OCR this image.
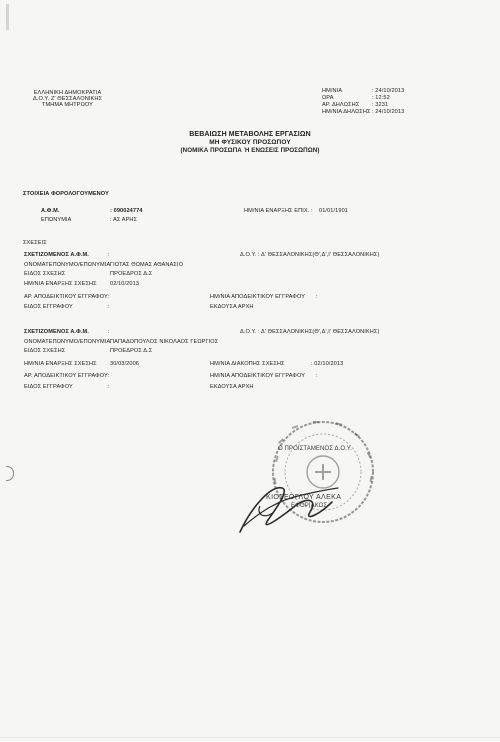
ΕΛΛΗΝΙΚΗ ΔΗΜΟΚΡΑΤΙΑ
Δ.Ο.Υ. Ζ' ΘΕΣΣΑΛΟΝΙΚΗΣ
ΤΜΗΜΑ ΜΗΤΡΩΟΥ
ΗΜ/ΝΙΑ	: 24/10/2013
ΩΡΑ	: 12:52
ΑΡ. ΔΗΛΩΣΗΣ : 3231
ΗΜ/ΝΙΑ ΔΗΛΩΣΗΣ : 24/10/2013
ΒΕΒΑΙΩΣΗ ΜΕΤΑΒΟΛΗΣ ΕΡΓΑΣΙΩΝ
ΜΗ ΦΥΣΙΚΟΥ ΠΡΟΣΩΠΟΥ
(ΝΟΜΙΚΑ ΠΡΟΣΩΠΑ Ή ΕΝΩΣΕΙΣ ΠΡΟΣΩΠΩΝ)
ΣΤΟΙΧΕΙΑ ΦΟΡΟΛΟΓΟΥΜΕΝΟΥ
Α.Φ.Μ.	: 090024774	ΗΜ/ΝΙΑ ΕΝΑΡΞΗΣ ΕΠΙΧ. : 01/01/1901
ΕΠΩΝΥΜΙΑ	: ΑΣ ΑΡΗΣ
ΣΧΕΣΕΙΣ
ΣΧΕΤΙΖΟΜΕΝΟΣ Α.Φ.Μ.	:	Δ.Ο.Υ. : Δ' ΘΕΣΣΑΛΟΝΙΚΗΣ(Θ',Δ',Ι' ΘΕΣΣΑΛΟΝΙΚΗΣ)
ΟΝΟΜΑΤΕΠΩΝΥΜΟ/ΕΠΩΝΥΜΙΑ ΓΙΩΤΑΣ ΘΩΜΑΣ ΑΘΑΝΑΣΙΟ
ΕΙΔΟΣ ΣΧΕΣΗΣ	ΠΡΟΕΔΡΟΣ Δ.Σ
ΗΜ/ΝΙΑ ΕΝΑΡΞΗΣ ΣΧΕΣΗΣ 02/10/2013
ΑΡ. ΑΠΟΔΕΙΚΤΙΚΟΥ ΕΓΓΡΑΦΟΥ :	ΗΜ/ΝΙΑ ΑΠΟΔΕΙΚΤΙΚΟΥ ΕΓΓΡΑΦΟΥ :
ΕΙΔΟΣ ΕΓΓΡΑΦΟΥ	:	ΕΚΔΟΥΣΑ ΑΡΧΗ
ΣΧΕΤΙΖΟΜΕΝΟΣ Α.Φ.Μ.	:	Δ.Ο.Υ. : Δ' ΘΕΣΣΑΛΟΝΙΚΗΣ(Θ',Δ',Ι' ΘΕΣΣΑΛΟΝΙΚΗΣ)
ΟΝΟΜΑΤΕΠΩΝΥΜΟ/ΕΠΩΝΥΜΙΑ ΠΑΠΑΔΟΠΟΥΛΟΣ ΝΙΚΟΛΑΟΣ ΓΕΩΡΓΙΟΣ
ΕΙΔΟΣ ΣΧΕΣΗΣ	ΠΡΟΕΔΡΟΣ Δ.Σ
ΗΜ/ΝΙΑ ΕΝΑΡΞΗΣ ΣΧΕΣΗΣ 30/03/2006	ΗΜ/ΝΙΑ ΔΙΑΚΟΠΗΣ ΣΧΕΣΗΣ	: 02/10/2013
ΑΡ. ΑΠΟΔΕΙΚΤΙΚΟΥ ΕΓΓΡΑΦΟΥ :	ΗΜ/ΝΙΑ ΑΠΟΔΕΙΚΤΙΚΟΥ ΕΓΓΡΑΦΟΥ :
ΕΙΔΟΣ ΕΓΓΡΑΦΟΥ	:	ΕΚΔΟΥΣΑ ΑΡΧΗ
Ο ΠΡΟΪΣΤΑΜΕΝΟΣ Δ.Ο.Υ.
ΚΙΟΣΕΟΓΛΟΥ ΑΛΕΚΑ
ΕΦΟΡΙΑΚΟΣ
